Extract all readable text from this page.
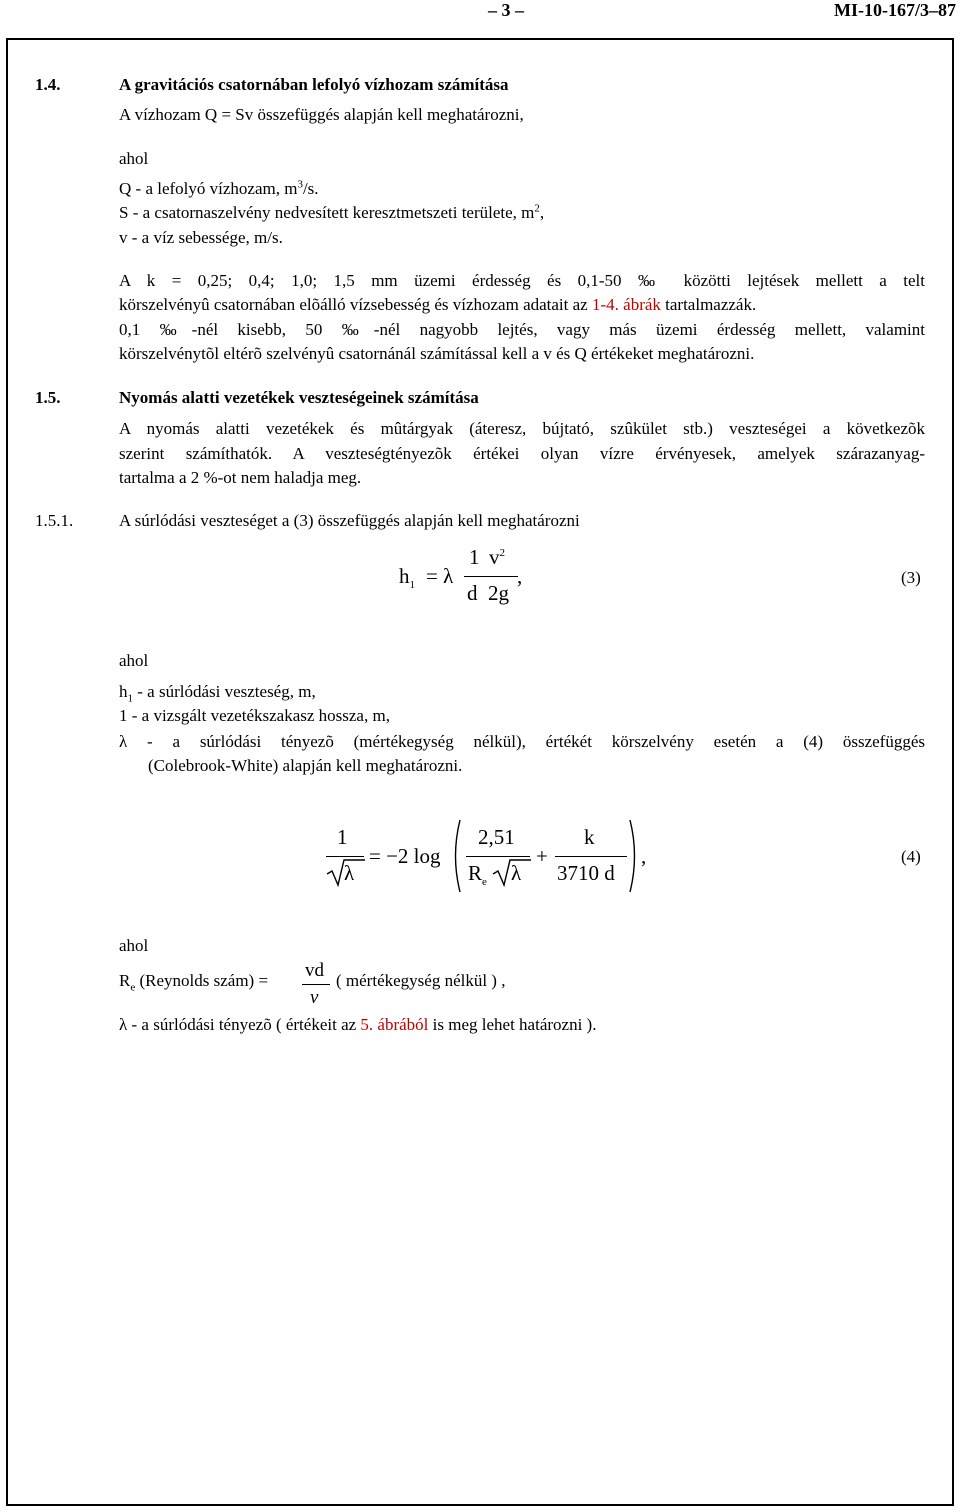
– 3 –	MI-10-167/3–87
1.4.	A gravitációs csatornában lefolyó vízhozam számítása
A vízhozam Q = Sv összefüggés alapján kell meghatározni,
ahol
Q - a lefolyó vízhozam, $m^3/s$.
S - a csatornaszelvény nedvesített keresztmetszeti területe, $m^2$,
v - a víz sebessége, m/s.
A k = 0,25; 0,4; 1,0; 1,5 mm üzemi érdesség és 0,1-50 ‰ közötti lejtések mellett a telt
körszelvényû csatornában elõálló vízsebesség és vízhozam adatait az 1-4. ábrák tartalmazzák.
0,1 ‰-nél kisebb, 50 ‰-nél nagyobb lejtés, vagy más üzemi érdesség mellett, valamint
körszelvénytõl eltérõ szelvényû csatornánál számítással kell a v és Q értékeket meghatározni.
1.5.	Nyomás alatti vezetékek veszteségeinek számítása
A nyomás alatti vezetékek és mûtárgyak (áteresz, bújtató, szûkület stb.) veszteségei a következõk
szerint számíthatók. A veszteségtényezõk értékei olyan vízre érvényesek, amelyek szárazanyag-
tartalma a 2 %-ot nem haladja meg.
1.5.1.	A súrlódási veszteséget a (3) összefüggés alapján kell meghatározni
$h_1 = \lambda$
1
d
$v^2$
2g
,	(3)
ahol
$h_1$ - a súrlódási veszteség, m,
1 - a vizsgált vezetékszakasz hossza, m,
λ - a súrlódási tényezõ (mértékegység nélkül), értékét körszelvény esetén a (4) összefüggés
(Colebrook-White) alapján kell meghatározni.
1
λ
= −2 log
2,51
$R_e$ λ
+
k
3710 d
,	(4)
ahol
$R_e$ (Reynolds szám) = vd
v
( mértékegység nélkül ) ,
λ - a súrlódási tényezõ ( értékeit az 5. ábrából is meg lehet határozni ).
